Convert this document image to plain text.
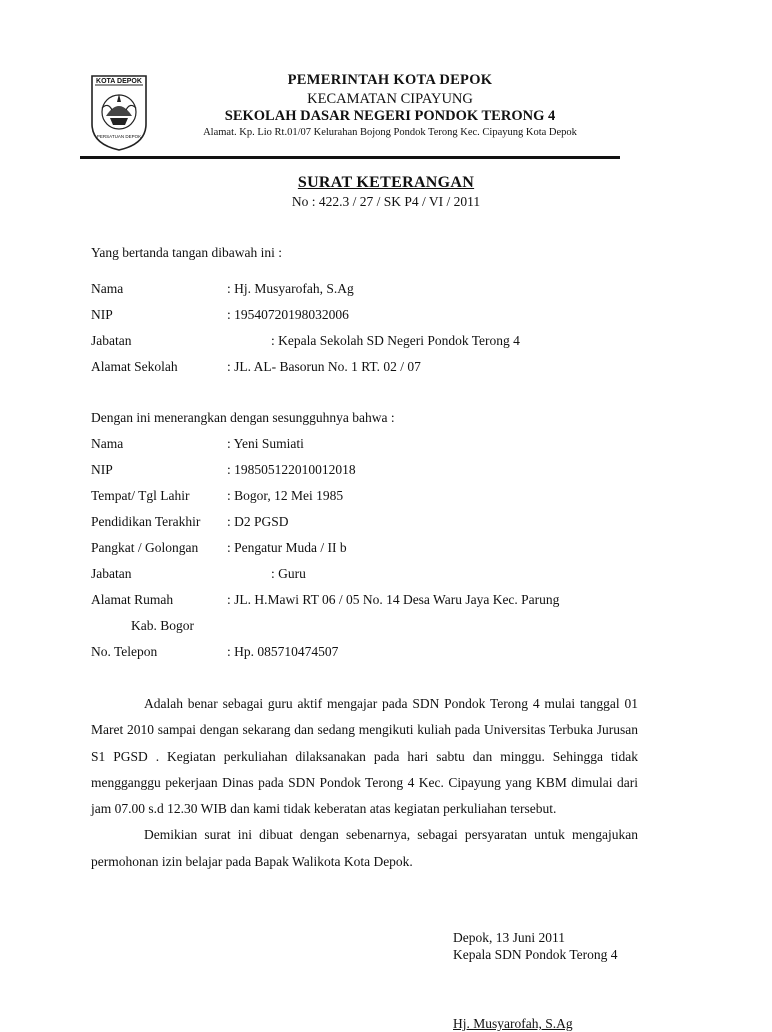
KOTA DEPOK
PERSATUAN DEPOK
PEMERINTAH KOTA DEPOK
KECAMATAN CIPAYUNG
SEKOLAH DASAR NEGERI PONDOK TERONG 4
Alamat. Kp. Lio Rt.01/07 Kelurahan Bojong Pondok Terong Kec. Cipayung Kota Depok
SURAT KETERANGAN
No : 422.3 / 27 / SK P4 / VI / 2011
Yang bertanda tangan dibawah ini :
Nama	: Hj. Musyarofah, S.Ag
NIP	: 19540720198032006
Jabatan	: Kepala Sekolah SD Negeri Pondok Terong 4
Alamat Sekolah	: JL. AL- Basorun No. 1 RT. 02 / 07
Dengan ini menerangkan dengan sesungguhnya bahwa :
Nama	: Yeni Sumiati
NIP	: 198505122010012018
Tempat/ Tgl Lahir	: Bogor, 12 Mei 1985
Pendidikan Terakhir : D2 PGSD
Pangkat / Golongan : Pengatur Muda / II b
Jabatan	: Guru
Alamat Rumah	: JL. H.Mawi RT 06 / 05 No. 14 Desa Waru Jaya Kec. Parung
Kab. Bogor
No. Telepon	: Hp. 085710474507

Adalah benar sebagai guru aktif mengajar pada SDN Pondok Terong 4 mulai tanggal 01 Maret 2010 sampai dengan sekarang dan sedang mengikuti kuliah pada Universitas Terbuka Jurusan S1 PGSD . Kegiatan perkuliahan dilaksanakan pada hari sabtu dan minggu. Sehingga tidak mengganggu pekerjaan Dinas pada SDN Pondok Terong 4 Kec. Cipayung yang KBM dimulai dari jam 07.00 s.d 12.30 WIB dan kami tidak keberatan atas kegiatan perkuliahan tersebut.

Demikian surat ini dibuat dengan sebenarnya, sebagai persyaratan untuk mengajukan permohonan izin belajar pada Bapak Walikota Kota Depok.

Depok, 13 Juni 2011
Kepala SDN Pondok Terong 4
Hj. Musyarofah, S.Ag
